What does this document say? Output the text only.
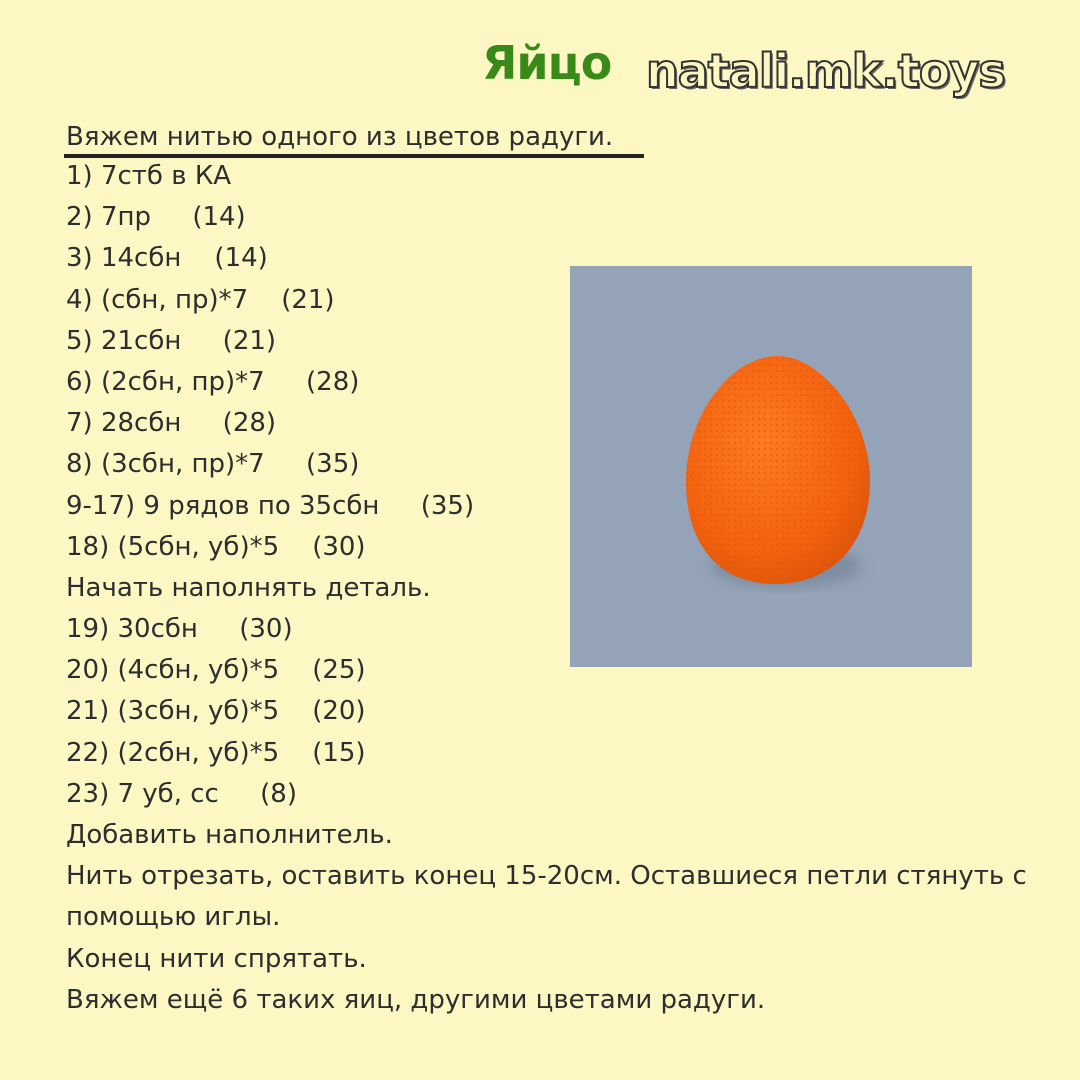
Яйцо natali.mk.toys
Вяжем нитью одного из цветов радуги.
1) 7стб в КА
2) 7пр     (14)
3) 14сбн    (14)
4) (сбн, пр)*7    (21)
5) 21сбн     (21)
6) (2сбн, пр)*7     (28)
7) 28сбн     (28)
8) (3сбн, пр)*7     (35)
9-17) 9 рядов по 35сбн     (35)
18) (5сбн, уб)*5    (30)
Начать наполнять деталь.
19) 30сбн     (30)
20) (4сбн, уб)*5    (25)
21) (3сбн, уб)*5    (20)
22) (2сбн, уб)*5    (15)
23) 7 уб, сс     (8)
Добавить наполнитель.
Нить отрезать, оставить конец 15-20см. Оставшиеся петли стянуть с помощью иглы.
Конец нити спрятать.
Вяжем ещё 6 таких яиц, другими цветами радуги.
